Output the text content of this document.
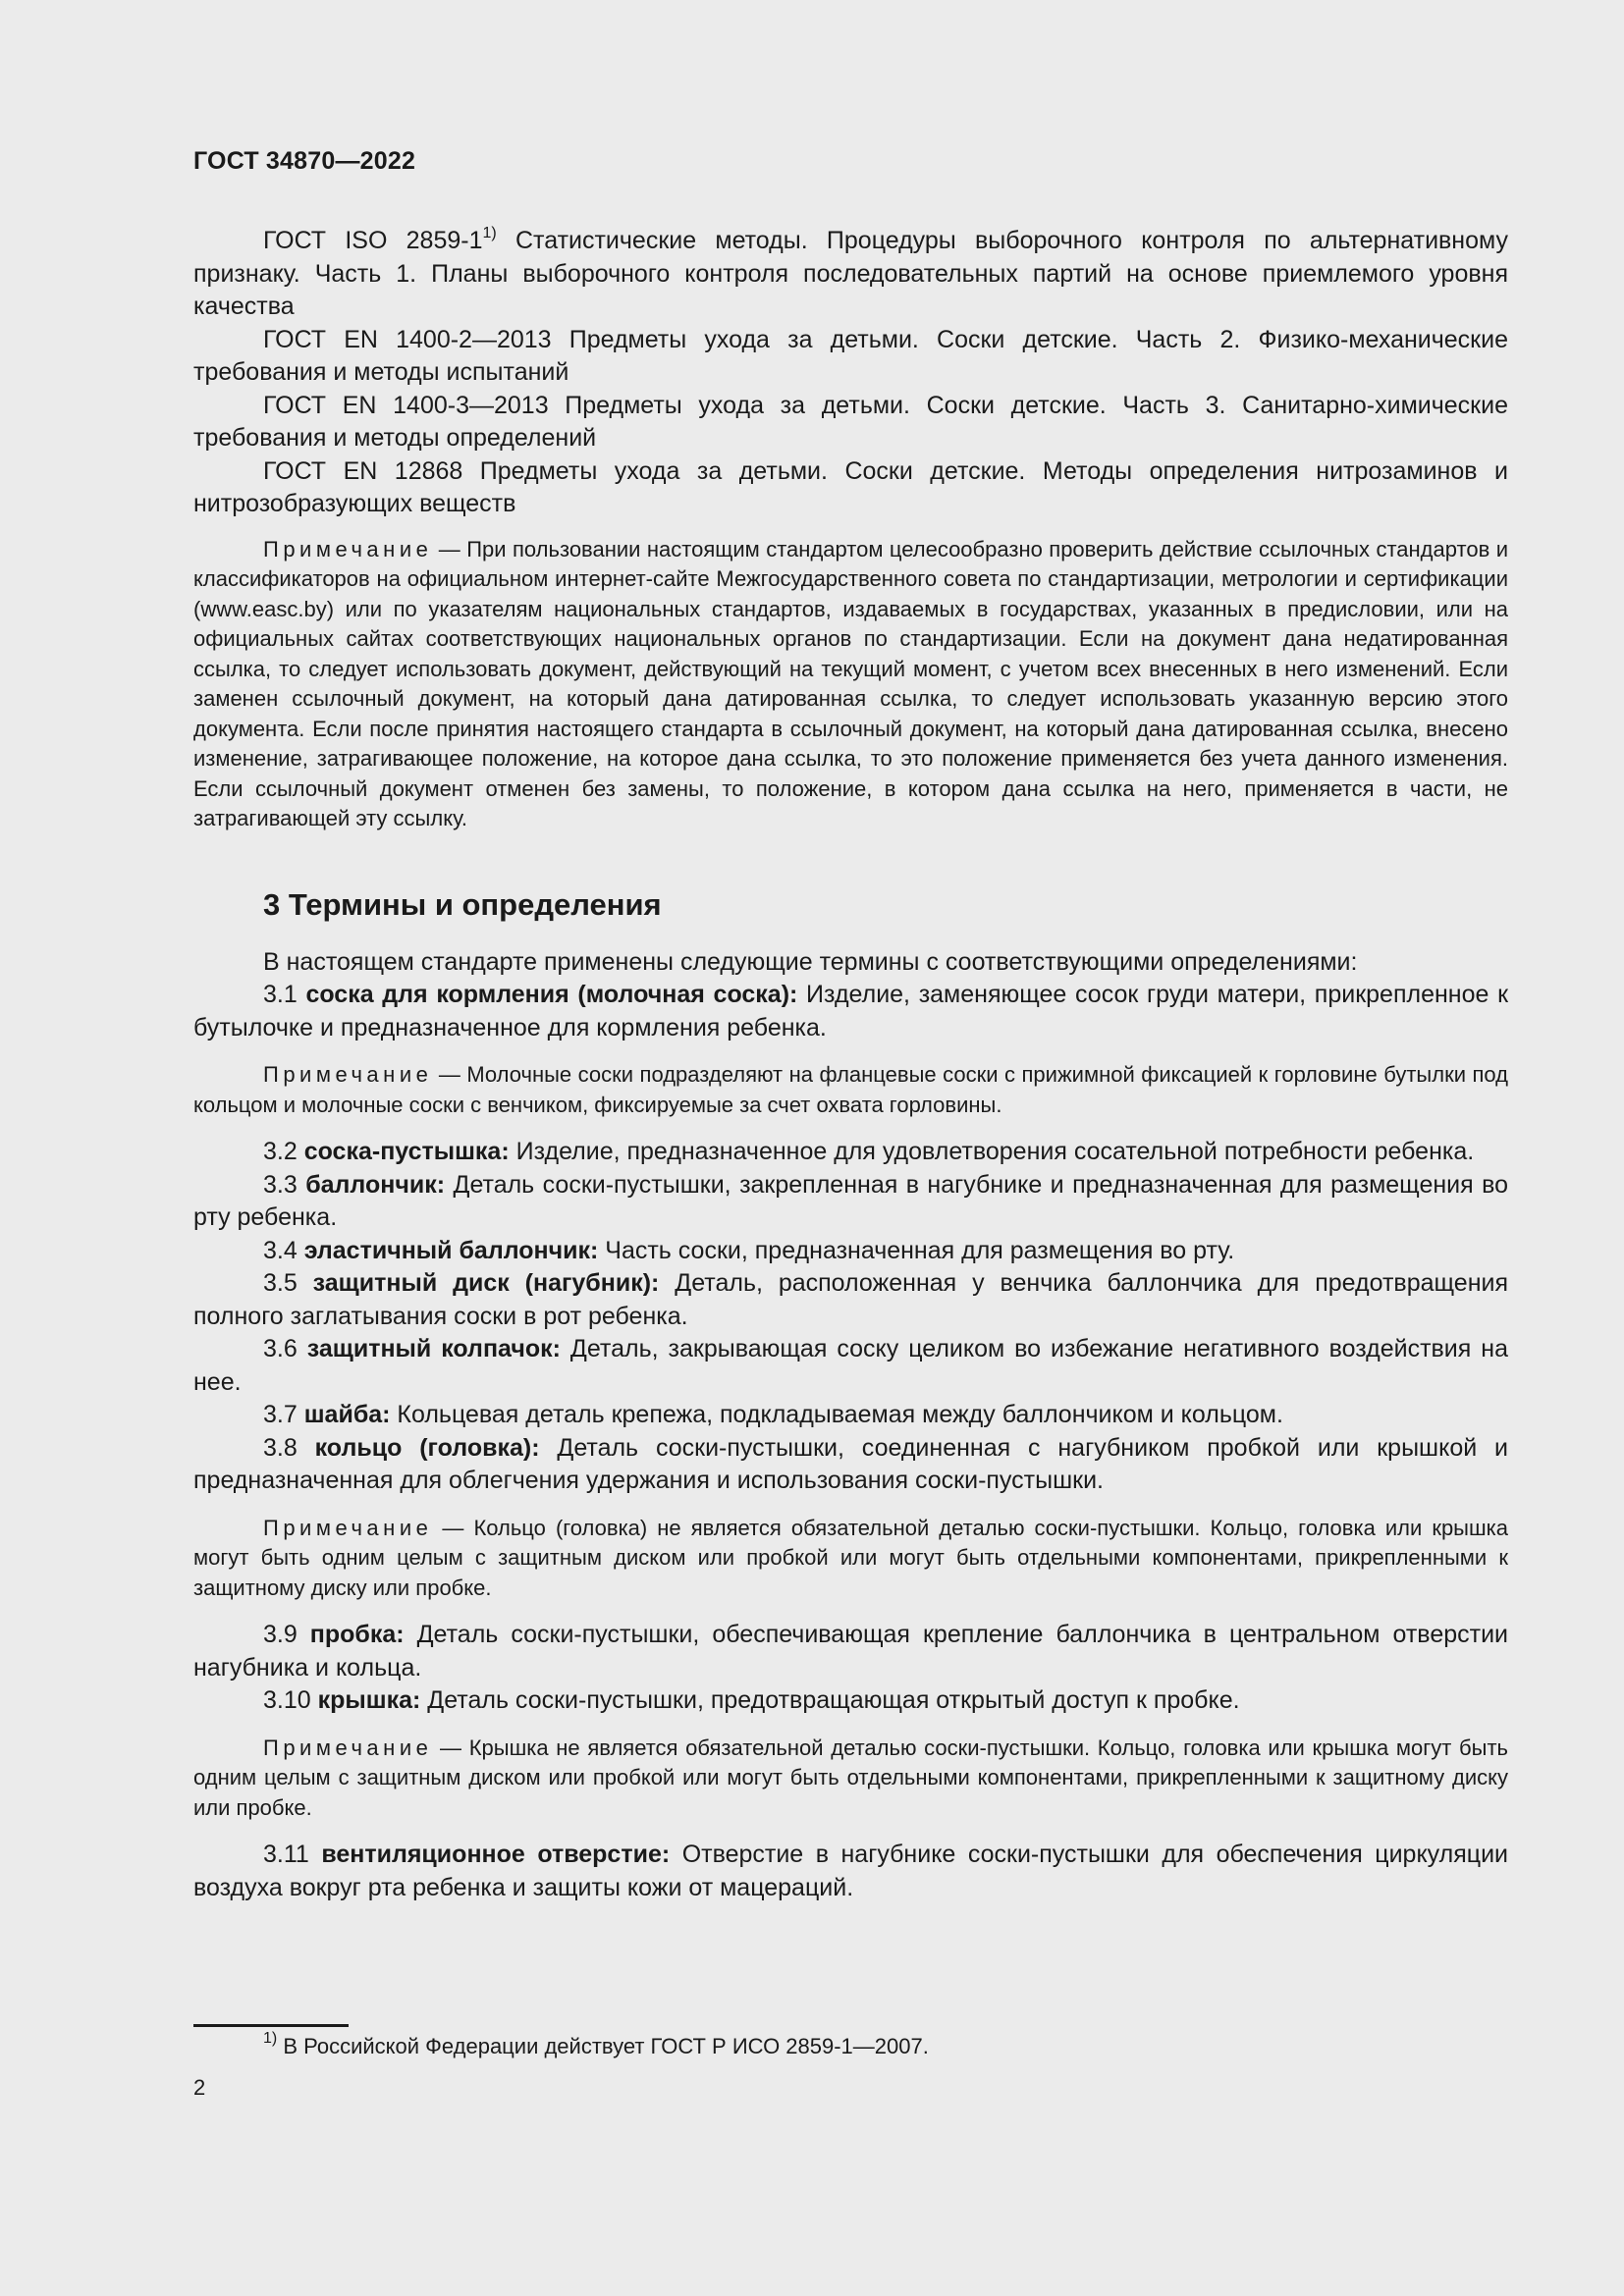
ГОСТ 34870—2022

ГОСТ ISO 2859-1$^{1)}$ Статистические методы. Процедуры выборочного контроля по альтернативному признаку. Часть 1. Планы выборочного контроля последовательных партий на основе приемлемого уровня качества

ГОСТ EN 1400-2—2013 Предметы ухода за детьми. Соски детские. Часть 2. Физико-механические требования и методы испытаний

ГОСТ EN 1400-3—2013 Предметы ухода за детьми. Соски детские. Часть 3. Санитарно-химические требования и методы определений

ГОСТ EN 12868 Предметы ухода за детьми. Соски детские. Методы определения нитрозаминов и нитрозобразующих веществ

Примечание — При пользовании настоящим стандартом целесообразно проверить действие ссылочных стандартов и классификаторов на официальном интернет-сайте Межгосударственного совета по стандартизации, метрологии и сертификации (www.easc.by) или по указателям национальных стандартов, издаваемых в государствах, указанных в предисловии, или на официальных сайтах соответствующих национальных органов по стандартизации. Если на документ дана недатированная ссылка, то следует использовать документ, действующий на текущий момент, с учетом всех внесенных в него изменений. Если заменен ссылочный документ, на который дана датированная ссылка, то следует использовать указанную версию этого документа. Если после принятия настоящего стандарта в ссылочный документ, на который дана датированная ссылка, внесено изменение, затрагивающее положение, на которое дана ссылка, то это положение применяется без учета данного изменения. Если ссылочный документ отменен без замены, то положение, в котором дана ссылка на него, применяется в части, не затрагивающей эту ссылку.

3 Термины и определения

В настоящем стандарте применены следующие термины с соответствующими определениями:

3.1 соска для кормления (молочная соска): Изделие, заменяющее сосок груди матери, прикрепленное к бутылочке и предназначенное для кормления ребенка.

Примечание — Молочные соски подразделяют на фланцевые соски с прижимной фиксацией к горловине бутылки под кольцом и молочные соски с венчиком, фиксируемые за счет охвата горловины.

3.2 соска-пустышка: Изделие, предназначенное для удовлетворения сосательной потребности ребенка.

3.3 баллончик: Деталь соски-пустышки, закрепленная в нагубнике и предназначенная для размещения во рту ребенка.

3.4 эластичный баллончик: Часть соски, предназначенная для размещения во рту.

3.5 защитный диск (нагубник): Деталь, расположенная у венчика баллончика для предотвращения полного заглатывания соски в рот ребенка.

3.6 защитный колпачок: Деталь, закрывающая соску целиком во избежание негативного воздействия на нее.

3.7 шайба: Кольцевая деталь крепежа, подкладываемая между баллончиком и кольцом.

3.8 кольцо (головка): Деталь соски-пустышки, соединенная с нагубником пробкой или крышкой и предназначенная для облегчения удержания и использования соски-пустышки.

Примечание — Кольцо (головка) не является обязательной деталью соски-пустышки. Кольцо, головка или крышка могут быть одним целым с защитным диском или пробкой или могут быть отдельными компонентами, прикрепленными к защитному диску или пробке.

3.9 пробка: Деталь соски-пустышки, обеспечивающая крепление баллончика в центральном отверстии нагубника и кольца.

3.10 крышка: Деталь соски-пустышки, предотвращающая открытый доступ к пробке.

Примечание — Крышка не является обязательной деталью соски-пустышки. Кольцо, головка или крышка могут быть одним целым с защитным диском или пробкой или могут быть отдельными компонентами, прикрепленными к защитному диску или пробке.

3.11 вентиляционное отверстие: Отверстие в нагубнике соски-пустышки для обеспечения циркуляции воздуха вокруг рта ребенка и защиты кожи от мацераций.

$^{1)}$ В Российской Федерации действует ГОСТ Р ИСО 2859-1—2007.
2
